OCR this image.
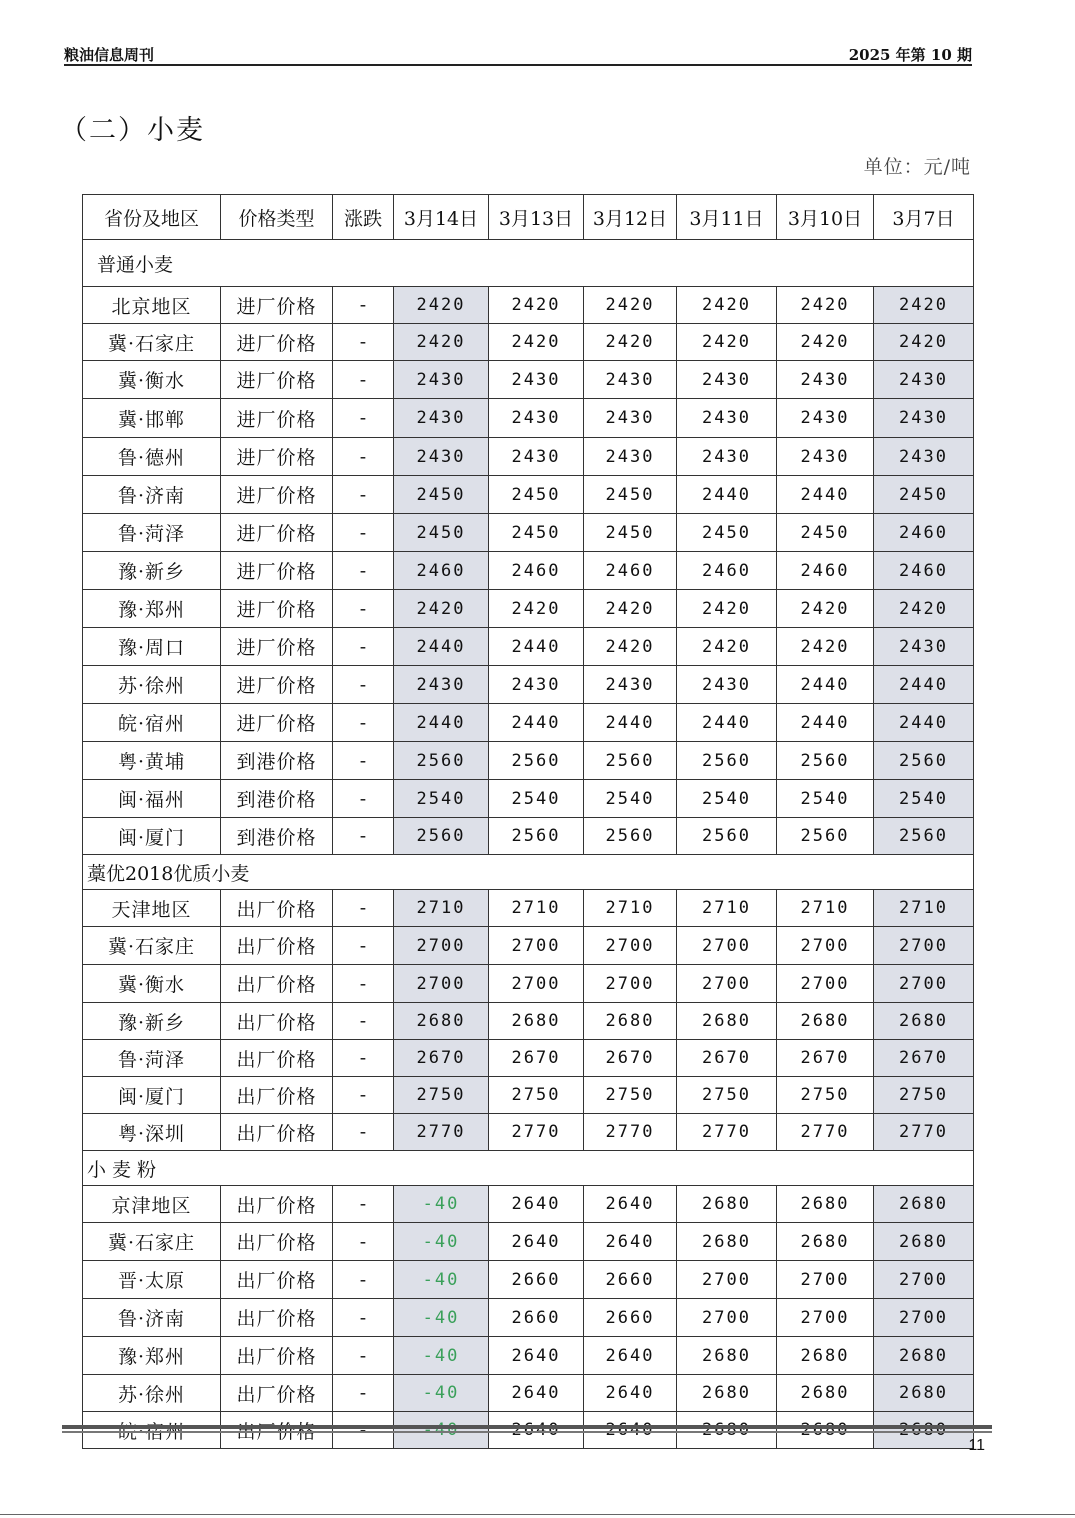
粮油信息周刊	2025 年第 10 期
（二）小麦
单位：元/吨
省份及地区	价格类型	涨跌	3月14日	3月13日	3月12日	3月11日	3月10日	3月7日
普通小麦								
北京地区	进厂价格	-	2420	2420	2420	2420	2420	2420
冀·石家庄	进厂价格	-	2420	2420	2420	2420	2420	2420
冀·衡水	进厂价格	-	2430	2430	2430	2430	2430	2430
冀·邯郸	进厂价格	-	2430	2430	2430	2430	2430	2430
鲁·德州	进厂价格	-	2430	2430	2430	2430	2430	2430
鲁·济南	进厂价格	-	2450	2450	2450	2440	2440	2450
鲁·菏泽	进厂价格	-	2450	2450	2450	2450	2450	2460
豫·新乡	进厂价格	-	2460	2460	2460	2460	2460	2460
豫·郑州	进厂价格	-	2420	2420	2420	2420	2420	2420
豫·周口	进厂价格	-	2440	2440	2420	2420	2420	2430
苏·徐州	进厂价格	-	2430	2430	2430	2430	2440	2440
皖·宿州	进厂价格	-	2440	2440	2440	2440	2440	2440
粤·黄埔	到港价格	-	2560	2560	2560	2560	2560	2560
闽·福州	到港价格	-	2540	2540	2540	2540	2540	2540
闽·厦门	到港价格	-	2560	2560	2560	2560	2560	2560
藁优2018优质小麦								
天津地区	出厂价格	-	2710	2710	2710	2710	2710	2710
冀·石家庄	出厂价格	-	2700	2700	2700	2700	2700	2700
冀·衡水	出厂价格	-	2700	2700	2700	2700	2700	2700
豫·新乡	出厂价格	-	2680	2680	2680	2680	2680	2680
鲁·菏泽	出厂价格	-	2670	2670	2670	2670	2670	2670
闽·厦门	出厂价格	-	2750	2750	2750	2750	2750	2750
粤·深圳	出厂价格	-	2770	2770	2770	2770	2770	2770
小麦粉								
京津地区	出厂价格	-	-40	2640	2640	2680	2680	2680
冀·石家庄	出厂价格	-	-40	2640	2640	2680	2680	2680
晋·太原	出厂价格	-	-40	2660	2660	2700	2700	2700
鲁·济南	出厂价格	-	-40	2660	2660	2700	2700	2700
豫·郑州	出厂价格	-	-40	2640	2640	2680	2680	2680
苏·徐州	出厂价格	-	-40	2640	2640	2680	2680	2680
皖·宿州	出厂价格	-	-40	2640	2640	2680	2680	2680
11
